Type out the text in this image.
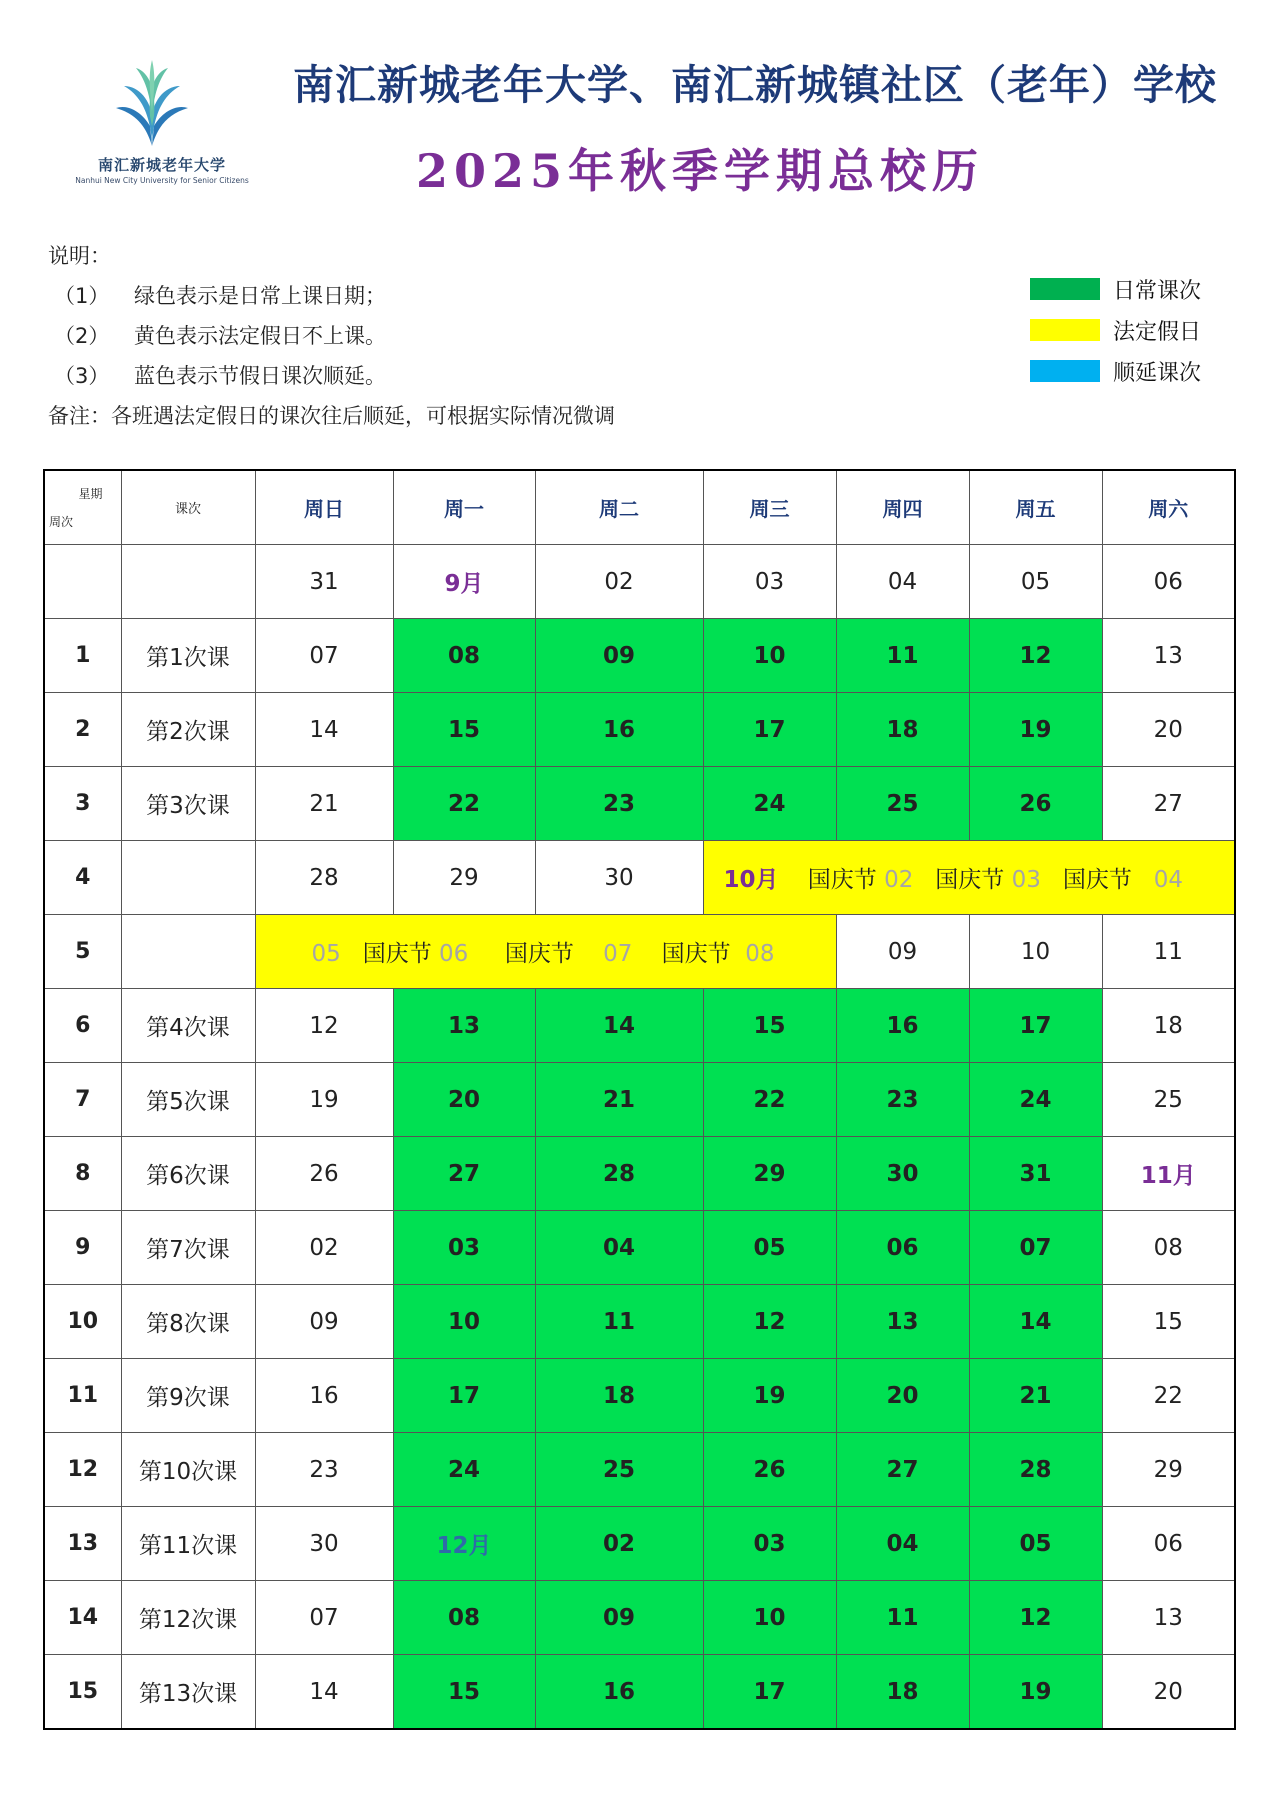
南汇新城老年大学
Nanhui New City University for Senior Citizens
南汇新城老年大学、南汇新城镇社区（老年）学校
2025年秋季学期总校历
说明：
（1） 绿色表示是日常上课日期；
（2） 黄色表示法定假日不上课。
（3） 蓝色表示节假日课次顺延。
备注：各班遇法定假日的课次往后顺延，可根据实际情况微调
日常课次
法定假日
顺延课次
星期
周次	课次	周日	周一	周二	周三	周四	周五	周六
		31	9月	02	03	04	05	06
1	第1次课	07	08	09	10	11	12	13
2	第2次课	14	15	16	17	18	19	20
3	第3次课	21	22	23	24	25	26	27
4		28	29	30	10月 国庆节 02 国庆节 03 国庆节 04			

5		05 国庆节 06 国庆节 07 国庆节 08				09	10	11
6	第4次课	12	13	14	15	16	17	18
7	第5次课	19	20	21	22	23	24	25
8	第6次课	26	27	28	29	30	31	11月
9	第7次课	02	03	04	05	06	07	08
10	第8次课	09	10	11	12	13	14	15
11	第9次课	16	17	18	19	20	21	22
12	第10次课	23	24	25	26	27	28	29
13	第11次课	30	12月	02	03	04	05	06
14	第12次课	07	08	09	10	11	12	13
15	第13次课	14	15	16	17	18	19	20
